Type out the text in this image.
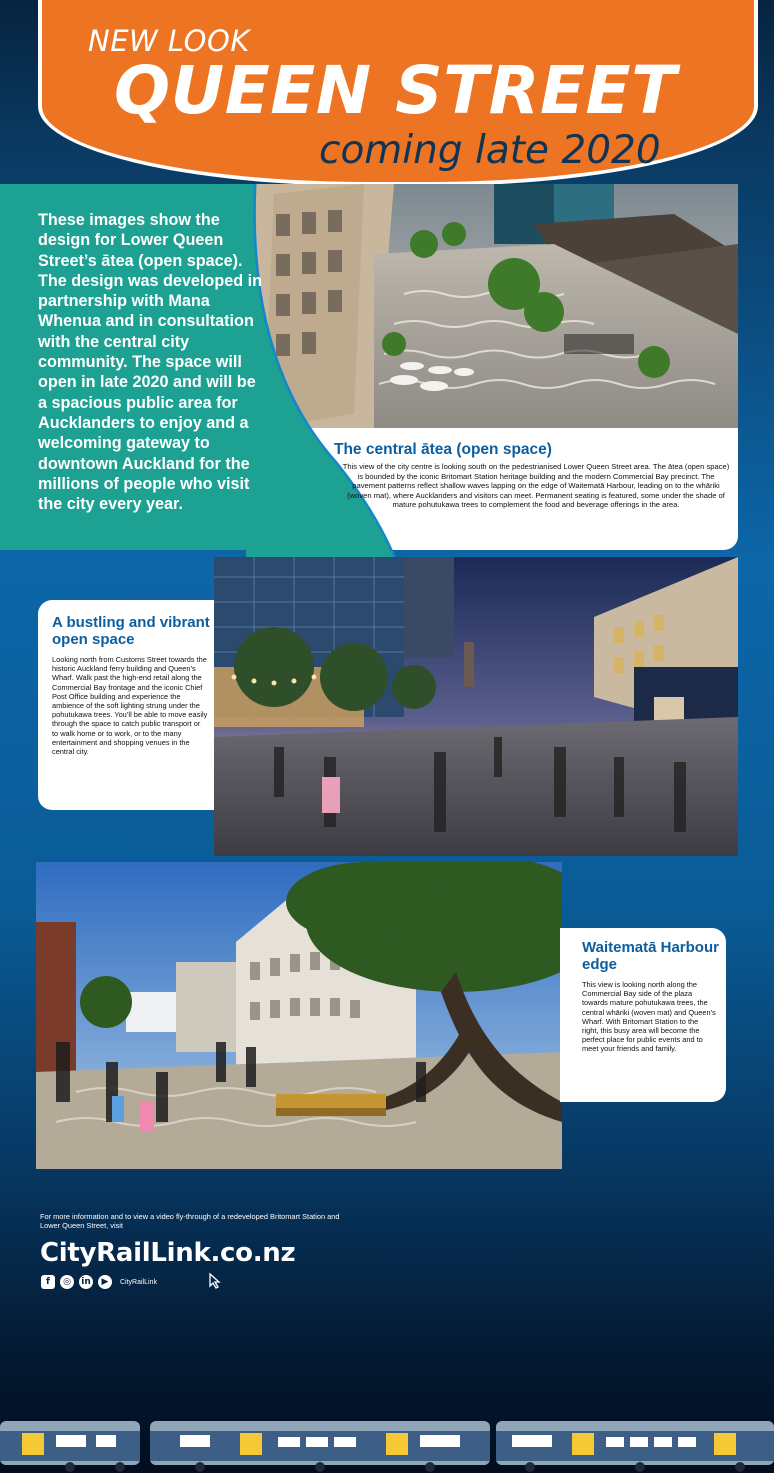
NEW LOOK
QUEEN STREET
coming late 2020
These images show the design for Lower Queen Street’s ātea (open space). The design was developed in partnership with Mana Whenua and in consultation with the central city community. The space will open in late 2020 and will be a spacious public area for Aucklanders to enjoy and a welcoming gateway to downtown Auckland for the millions of people who visit the city every year.
The central ātea (open space)
This view of the city centre is looking south on the pedestrianised Lower Queen Street area. The ātea (open space) is bounded by the iconic Britomart Station heritage building and the modern Commercial Bay precinct. The pavement patterns reflect shallow waves lapping on the edge of Waitematā Harbour, leading on to the whāriki (woven mat), where Aucklanders and visitors can meet. Permanent seating is featured, some under the shade of mature pohutukawa trees to complement the food and beverage offerings in the area.
A bustling and vibrant open space
Looking north from Customs Street towards the historic Auckland ferry building and Queen’s Wharf. Walk past the high-end retail along the Commercial Bay frontage and the iconic Chief Post Office building and experience the ambience of the soft lighting strung under the pohutukawa trees. You’ll be able to move easily through the space to catch public transport or to walk home or to work, or to the many entertainment and shopping venues in the central city.
Waitematā Harbour edge
This view is looking north along the Commercial Bay side of the plaza towards mature pohutukawa trees, the central whāriki (woven mat) and Queen’s Wharf. With Britomart Station to the right, this busy area will become the perfect place for public events and to meet your friends and family.
For more information and to view a video fly-through of a redeveloped Britomart Station and Lower Queen Street, visit
CityRailLink.co.nz
f	◎	in	▶	CityRailLink
